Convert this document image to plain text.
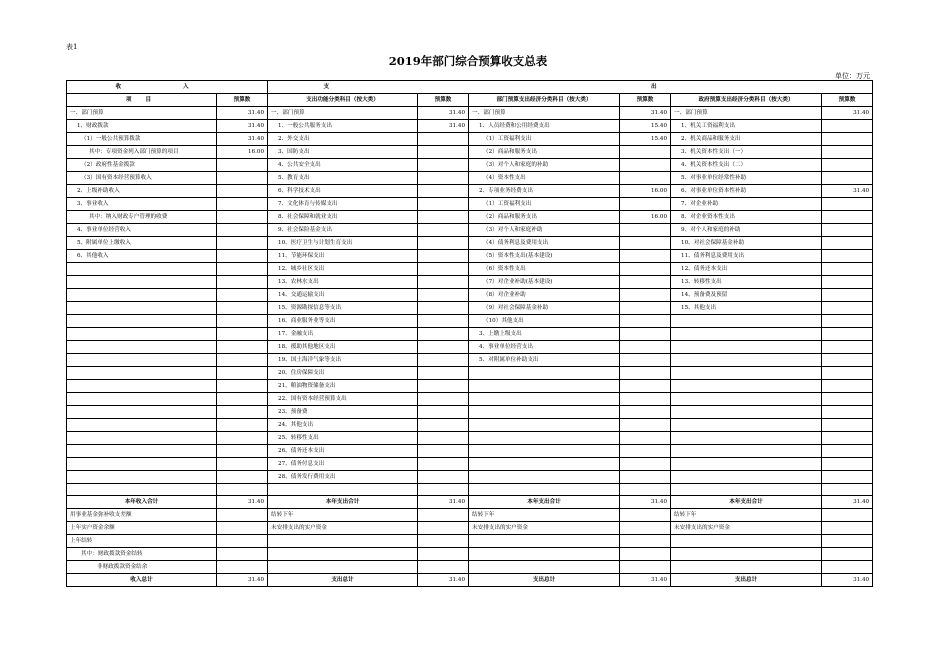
表1
2019年部门综合预算收支总表
单位：万元
收 入		支 出					
项 目	预算数	支出功能分类科目（按大类）	预算数	部门预算支出经济分类科目（按大类）	预算数	政府预算支出经济分类科目（按大类）	预算数
一、部门预算	31.40	一、部门预算	31.40	一、部门预算	31.40	一、部门预算	31.40
1、财政拨款	31.40	1、一般公共服务支出	31.40	1、人员经费和公用经费支出	15.40	1、机关工资福利支出	
（1）一般公共预算拨款	31.40	2、外交支出		（1）工资福利支出	15.40	2、机关商品和服务支出	
其中：专项资金列入部门预算的项目	16.00	3、国防支出		（2）商品和服务支出		3、机关资本性支出（一）	
（2）政府性基金拨款		4、公共安全支出		（3）对个人和家庭的补助		4、机关资本性支出（二）	
（3）国有资本经营预算收入		5、教育支出		（4）资本性支出		5、对事业单位经常性补助	
2、上级补助收入		6、科学技术支出		2、专项业务经费支出	16.00	6、对事业单位资本性补助	31.40
3、事业收入		7、文化体育与传媒支出		（1）工资福利支出		7、对企业补助	
其中：纳入财政专户管理的收费		8、社会保障和就业支出		（2）商品和服务支出	16.00	8、对企业资本性支出	
4、事业单位经营收入		9、社会保险基金支出		（3）对个人和家庭补助		9、对个人和家庭的补助	
5、附属单位上缴收入		10、医疗卫生与计划生育支出		（4）债务利息及费用支出		10、对社会保障基金补助	
6、其他收入		11、节能环保支出		（5）资本性支出(基本建设)		11、债务利息及费用支出	
		12、城乡社区支出		（6）资本性支出		12、债务还本支出	
		13、农林水支出		（7）对企业补助(基本建设)		13、转移性支出	
		14、交通运输支出		（8）对企业补助		14、预备费及预留	
		15、资源勘探信息等支出		（9）对社会保障基金补助		15、其他支出	
		16、商业服务业等支出		（10）其他支出			
		17、金融支出		3、上缴上级支出			
		18、援助其他地区支出		4、事业单位经营支出			
		19、国土海洋气象等支出		5、对附属单位补助支出			
		20、住房保障支出					
		21、粮油物资储备支出					
		22、国有资本经营预算支出					
		23、预备费					
		24、其他支出					
		25、转移性支出					
		26、债务还本支出					
		27、债务付息支出					
		28、债务发行费用支出					

本年收入合计	31.40	本年支出合计	31.40	本年支出合计	31.40	本年支出合计	31.40
用事业基金弥补收支差额		结转下年		结转下年		结转下年	
上年实户资金余额		未安排支出的实户资金		未安排支出的实户资金		未安排支出的实户资金	
上年结转							
其中：财政拨款资金结转							
非财政拨款资金结余							
收入总计	31.40	支出总计	31.40	支出总计	31.40	支出总计	31.40
